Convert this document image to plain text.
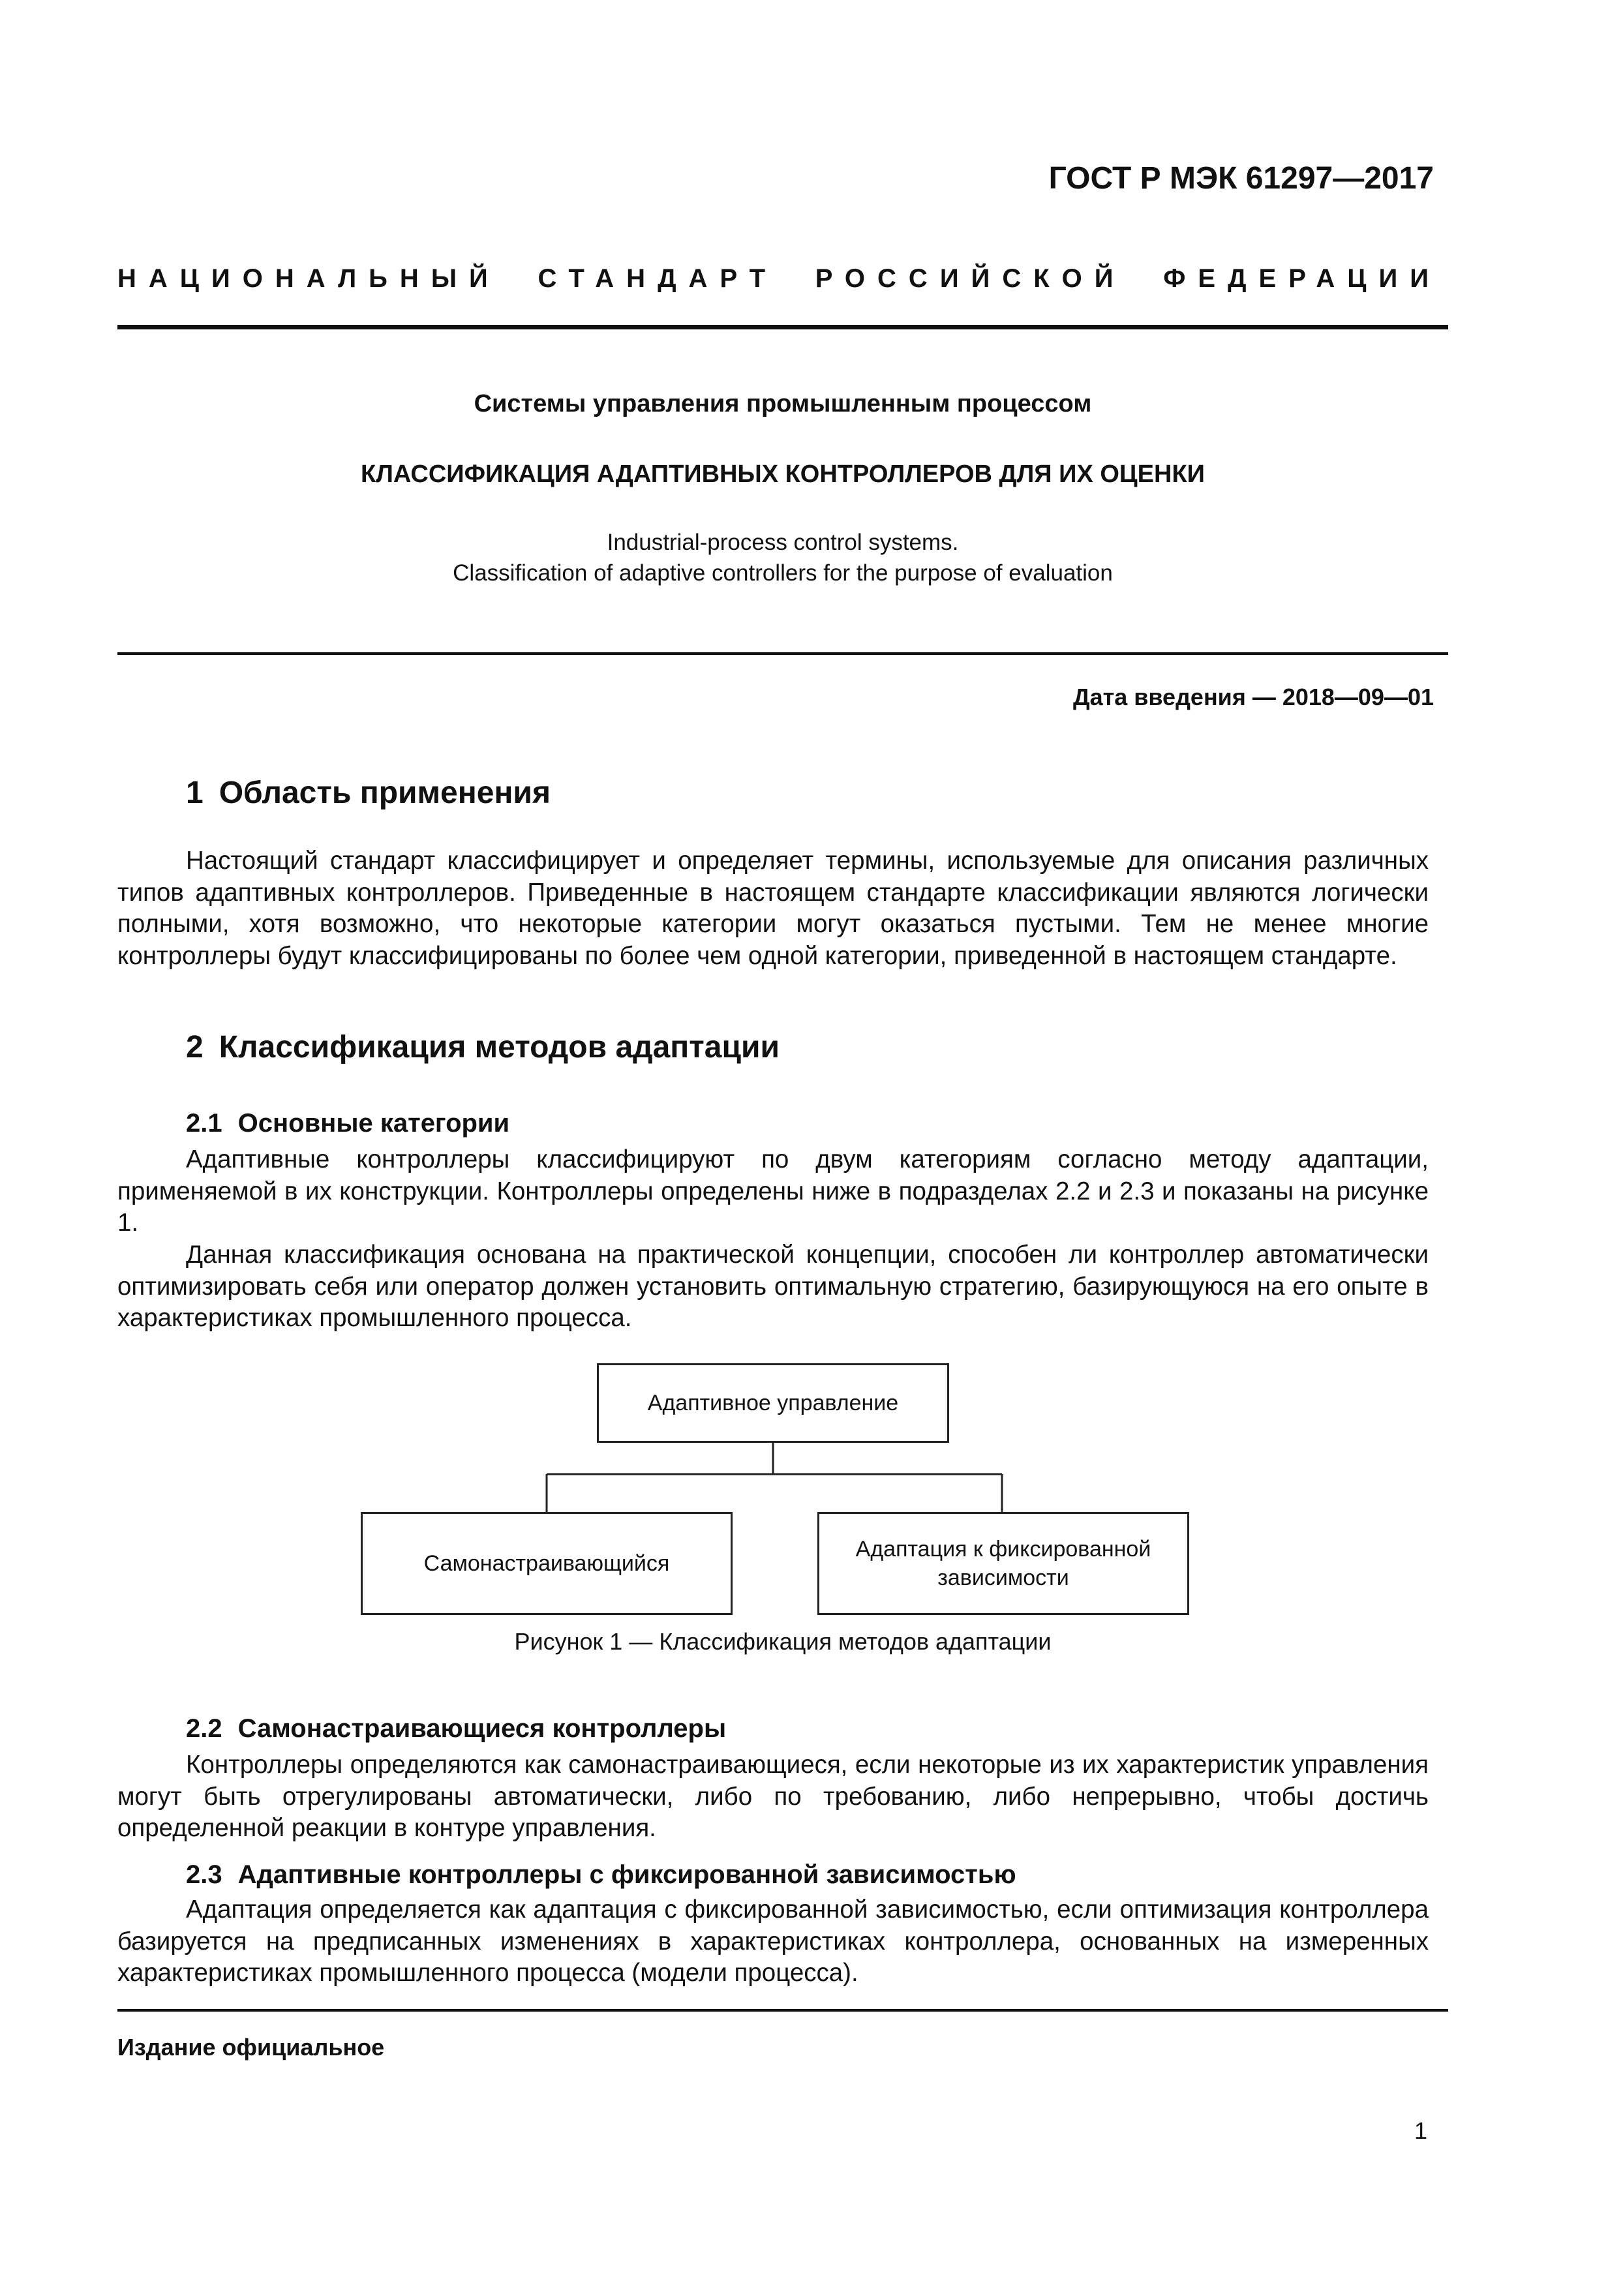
ГОСТ Р МЭК 61297—2017
НАЦИОНАЛЬНЫЙ СТАНДАРТ РОССИЙСКОЙ ФЕДЕРАЦИИ
Системы управления промышленным процессом
КЛАССИФИКАЦИЯ АДАПТИВНЫХ КОНТРОЛЛЕРОВ ДЛЯ ИХ ОЦЕНКИ
Industrial-process control systems.
Classification of adaptive controllers for the purpose of evaluation
Дата введения — 2018—09—01
1 Область применения

Настоящий стандарт классифицирует и определяет термины, используемые для описания различных типов адаптивных контроллеров. Приведенные в настоящем стандарте классификации являются логически полными, хотя возможно, что некоторые категории могут оказаться пустыми. Тем не менее многие контроллеры будут классифицированы по более чем одной категории, приведенной в настоящем стандарте.

2 Классификация методов адаптации
2.1 Основные категории

Адаптивные контроллеры классифицируют по двум категориям согласно методу адаптации, применяемой в их конструкции. Контроллеры определены ниже в подразделах 2.2 и 2.3 и показаны на рисунке 1.

Данная классификация основана на практической концепции, способен ли контроллер автоматически оптимизировать себя или оператор должен установить оптимальную стратегию, базирующуюся на его опыте в характеристиках промышленного процесса.

Адаптивное управление
Самонастраивающийся
Адаптация к фиксированной
зависимости
Рисунок 1 — Классификация методов адаптации
2.2 Самонастраивающиеся контроллеры

Контроллеры определяются как самонастраивающиеся, если некоторые из их характеристик управления могут быть отрегулированы автоматически, либо по требованию, либо непрерывно, чтобы достичь определенной реакции в контуре управления.

2.3 Адаптивные контроллеры с фиксированной зависимостью

Адаптация определяется как адаптация с фиксированной зависимостью, если оптимизация контроллера базируется на предписанных изменениях в характеристиках контроллера, основанных на измеренных характеристиках промышленного процесса (модели процесса).

Издание официальное
1
